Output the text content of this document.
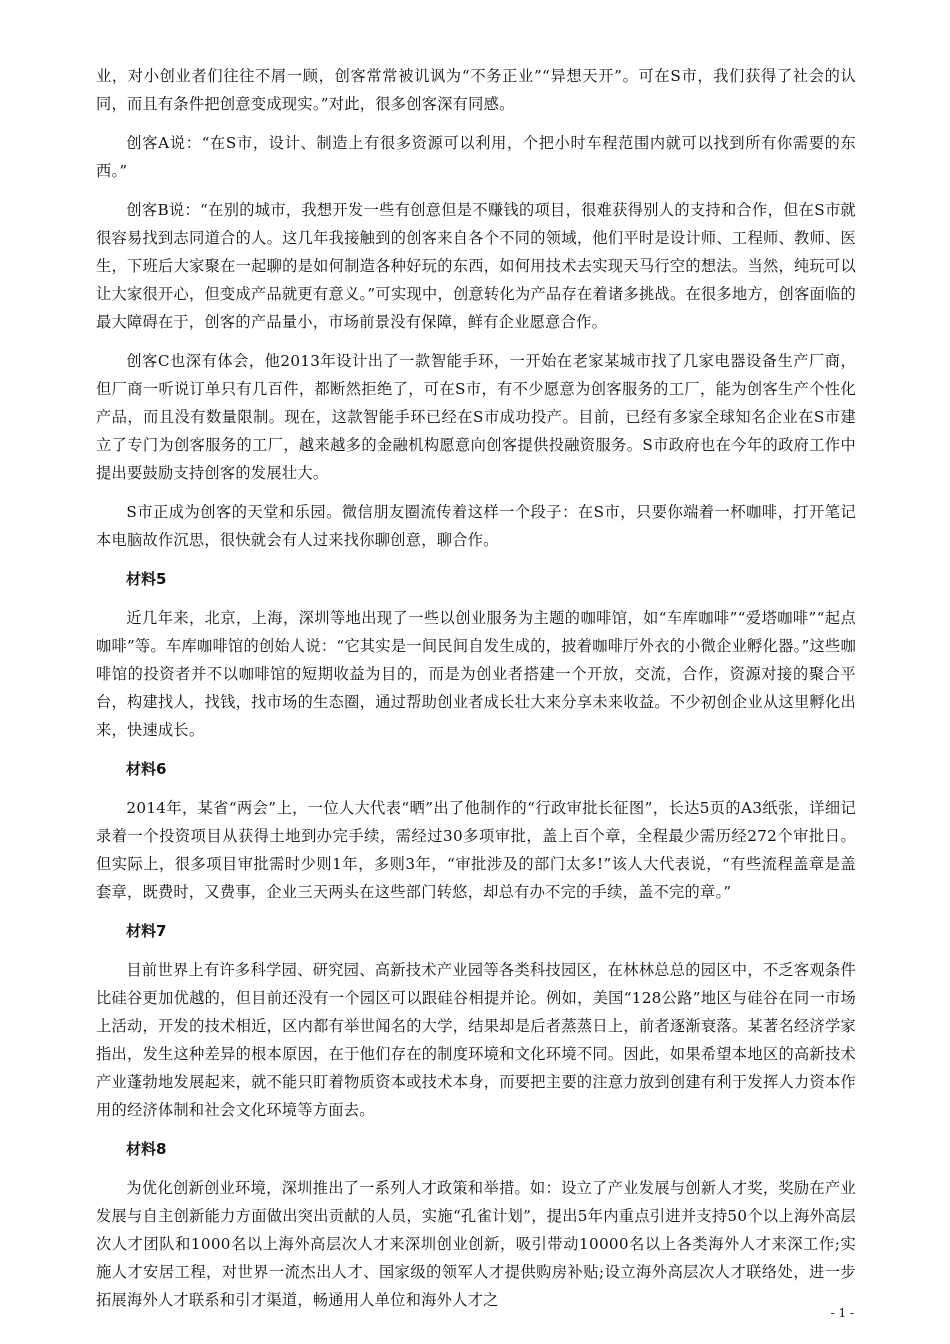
业，对小创业者们往往不屑一顾，创客常常被讥讽为“不务正业”“异想天开”。可在S市，我们获得了社会的认同，而且有条件把创意变成现实。”对此，很多创客深有同感。

创客A说：“在S市，设计、制造上有很多资源可以利用，个把小时车程范围内就可以找到所有你需要的东西。”

创客B说：“在别的城市，我想开发一些有创意但是不赚钱的项目，很难获得别人的支持和合作，但在S市就很容易找到志同道合的人。这几年我接触到的创客来自各个不同的领域，他们平时是设计师、工程师、教师、医生，下班后大家聚在一起聊的是如何制造各种好玩的东西，如何用技术去实现天马行空的想法。当然，纯玩可以让大家很开心，但变成产品就更有意义。”可实现中，创意转化为产品存在着诸多挑战。在很多地方，创客面临的最大障碍在于，创客的产品量小，市场前景没有保障，鲜有企业愿意合作。

创客C也深有体会，他2013年设计出了一款智能手环，一开始在老家某城市找了几家电器设备生产厂商，但厂商一听说订单只有几百件，都断然拒绝了，可在S市，有不少愿意为创客服务的工厂，能为创客生产个性化产品，而且没有数量限制。现在，这款智能手环已经在S市成功投产。目前，已经有多家全球知名企业在S市建立了专门为创客服务的工厂，越来越多的金融机构愿意向创客提供投融资服务。S市政府也在今年的政府工作中提出要鼓励支持创客的发展壮大。

S市正成为创客的天堂和乐园。微信朋友圈流传着这样一个段子：在S市，只要你端着一杯咖啡，打开笔记本电脑故作沉思，很快就会有人过来找你聊创意，聊合作。

材料5

近几年来，北京，上海，深圳等地出现了一些以创业服务为主题的咖啡馆，如“车库咖啡”“爱塔咖啡”“起点咖啡”等。车库咖啡馆的创始人说：“它其实是一间民间自发生成的，披着咖啡厅外衣的小微企业孵化器。”这些咖啡馆的投资者并不以咖啡馆的短期收益为目的，而是为创业者搭建一个开放，交流，合作，资源对接的聚合平台，构建找人，找钱，找市场的生态圈，通过帮助创业者成长壮大来分享未来收益。不少初创企业从这里孵化出来，快速成长。

材料6

2014年，某省“两会”上，一位人大代表“晒”出了他制作的“行政审批长征图”，长达5页的A3纸张，详细记录着一个投资项目从获得土地到办完手续，需经过30多项审批，盖上百个章，全程最少需历经272个审批日。但实际上，很多项目审批需时少则1年，多则3年，“审批涉及的部门太多!”该人大代表说，“有些流程盖章是盖套章，既费时，又费事，企业三天两头在这些部门转悠，却总有办不完的手续，盖不完的章。”

材料7

目前世界上有许多科学园、研究园、高新技术产业园等各类科技园区，在林林总总的园区中，不乏客观条件比硅谷更加优越的，但目前还没有一个园区可以跟硅谷相提并论。例如，美国“128公路”地区与硅谷在同一市场上活动，开发的技术相近，区内都有举世闻名的大学，结果却是后者蒸蒸日上，前者逐渐衰落。某著名经济学家指出，发生这种差异的根本原因，在于他们存在的制度环境和文化环境不同。因此，如果希望本地区的高新技术产业蓬勃地发展起来，就不能只盯着物质资本或技术本身，而要把主要的注意力放到创建有利于发挥人力资本作用的经济体制和社会文化环境等方面去。

材料8

为优化创新创业环境，深圳推出了一系列人才政策和举措。如：设立了产业发展与创新人才奖，奖励在产业发展与自主创新能力方面做出突出贡献的人员，实施“孔雀计划”，提出5年内重点引进并支持50个以上海外高层次人才团队和1000名以上海外高层次人才来深圳创业创新，吸引带动10000名以上各类海外人才来深工作;实施人才安居工程，对世界一流杰出人才、国家级的领军人才提供购房补贴;设立海外高层次人才联络处，进一步拓展海外人才联系和引才渠道，畅通用人单位和海外人才之

- 1 -
